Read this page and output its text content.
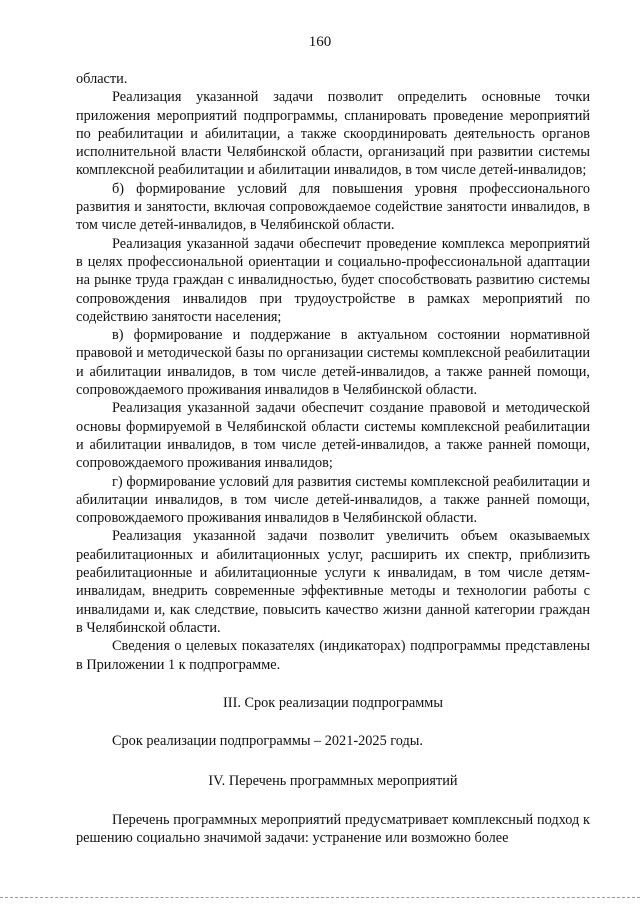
160

области.

Реализация указанной задачи позволит определить основные точки приложения мероприятий подпрограммы, спланировать проведение мероприятий по реабилитации и абилитации, а также скоординировать деятельность органов исполнительной власти Челябинской области, организаций при развитии системы комплексной реабилитации и абилитации инвалидов, в том числе детей-инвалидов;

б) формирование условий для повышения уровня профессионального развития и занятости, включая сопровождаемое содействие занятости инвалидов, в том числе детей-инвалидов, в Челябинской области.

Реализация указанной задачи обеспечит проведение комплекса мероприятий в целях профессиональной ориентации и социально-профессиональной адаптации на рынке труда граждан с инвалидностью, будет способствовать развитию системы сопровождения инвалидов при трудоустройстве в рамках мероприятий по содействию занятости населения;

в) формирование и поддержание в актуальном состоянии нормативной правовой и методической базы по организации системы комплексной реабилитации и абилитации инвалидов, в том числе детей-инвалидов, а также ранней помощи, сопровождаемого проживания инвалидов в Челябинской области.

Реализация указанной задачи обеспечит создание правовой и методической основы формируемой в Челябинской области системы комплексной реабилитации и абилитации инвалидов, в том числе детей-инвалидов, а также ранней помощи, сопровождаемого проживания инвалидов;

г) формирование условий для развития системы комплексной реабилитации и абилитации инвалидов, в том числе детей-инвалидов, а также ранней помощи, сопровождаемого проживания инвалидов в Челябинской области.

Реализация указанной задачи позволит увеличить объем оказываемых реабилитационных и абилитационных услуг, расширить их спектр, приблизить реабилитационные и абилитационные услуги к инвалидам, в том числе детям-инвалидам, внедрить современные эффективные методы и технологии работы с инвалидами и, как следствие, повысить качество жизни данной категории граждан в Челябинской области.

Сведения о целевых показателях (индикаторах) подпрограммы представлены в Приложении 1 к подпрограмме.

III. Срок реализации подпрограммы

Срок реализации подпрограммы – 2021-2025 годы.

IV. Перечень программных мероприятий

Перечень программных мероприятий предусматривает комплексный подход к решению социально значимой задачи: устранение или возможно более
